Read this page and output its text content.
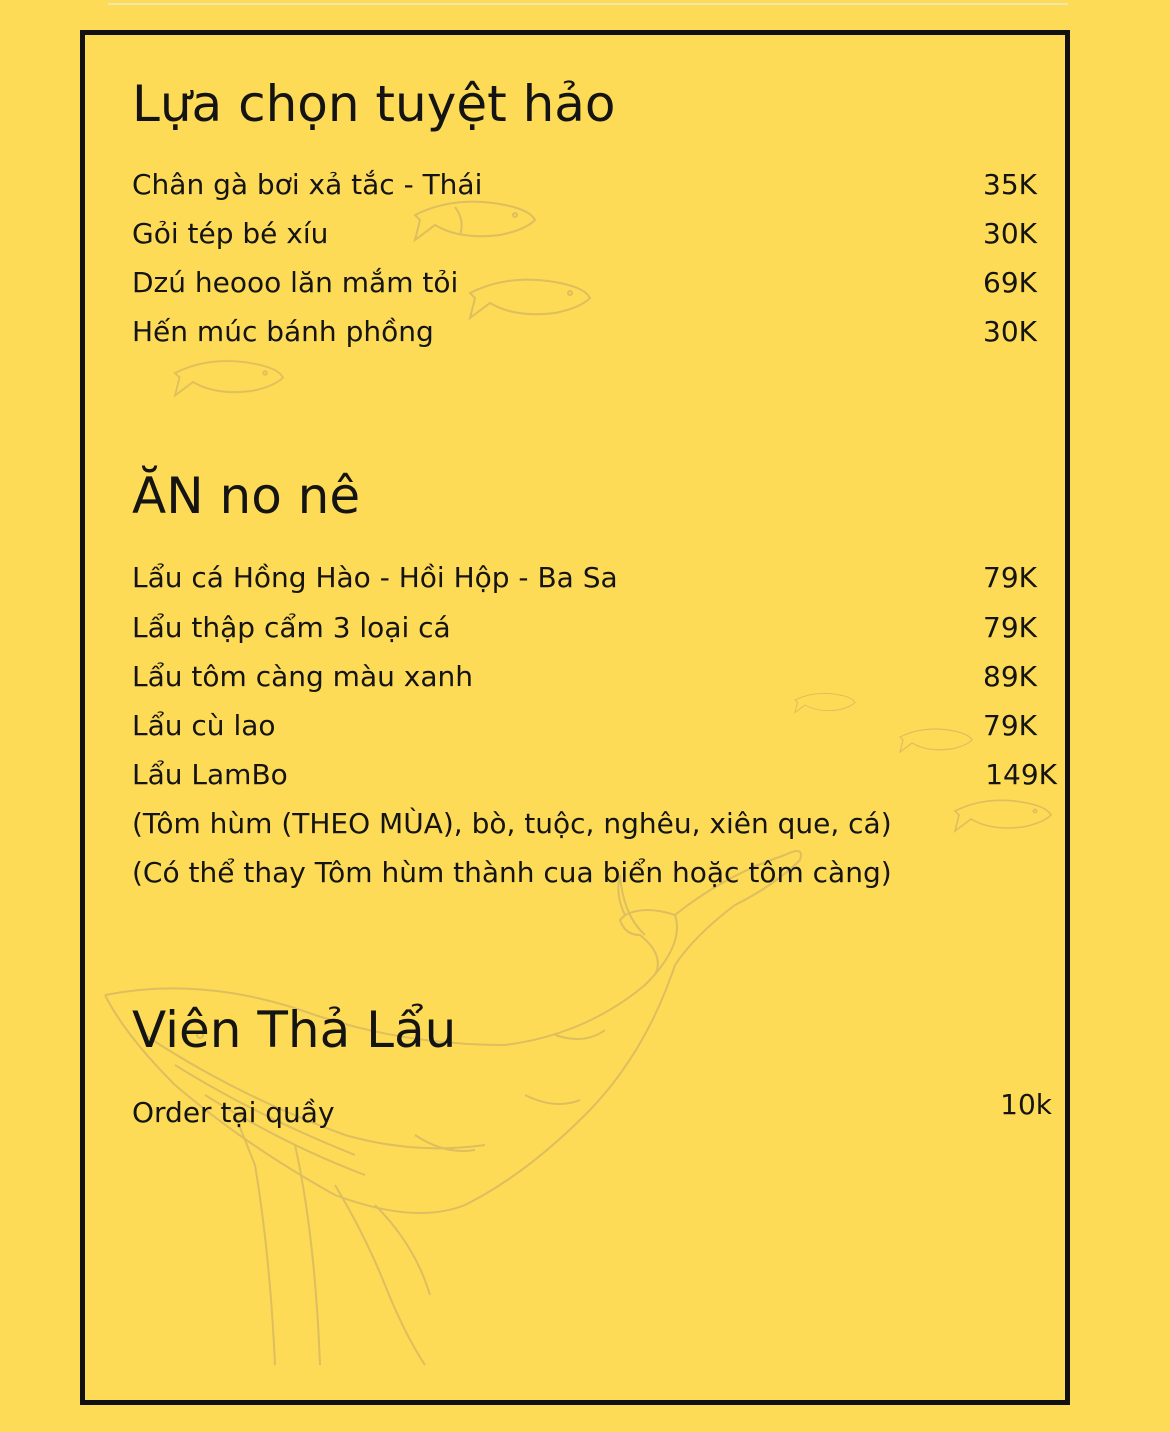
Lựa chọn tuyệt hảo
Chân gà bơi xả tắc - Thái	35K
Gỏi tép bé xíu	30K
Dzú heooo lăn mắm tỏi	69K
Hến múc bánh phồng	30K
ĂN no nê
Lẩu cá Hồng Hào - Hồi Hộp - Ba Sa	79K
Lẩu thập cẩm 3 loại cá	79K
Lẩu tôm càng màu xanh	89K
Lẩu cù lao	79K
Lẩu LamBo	149K
(Tôm hùm (THEO MÙA), bò, tuộc, nghêu, xiên que, cá)
(Có thể thay Tôm hùm thành cua biển hoặc tôm càng)
Viên Thả Lẩu
Order tại quầy	10k
